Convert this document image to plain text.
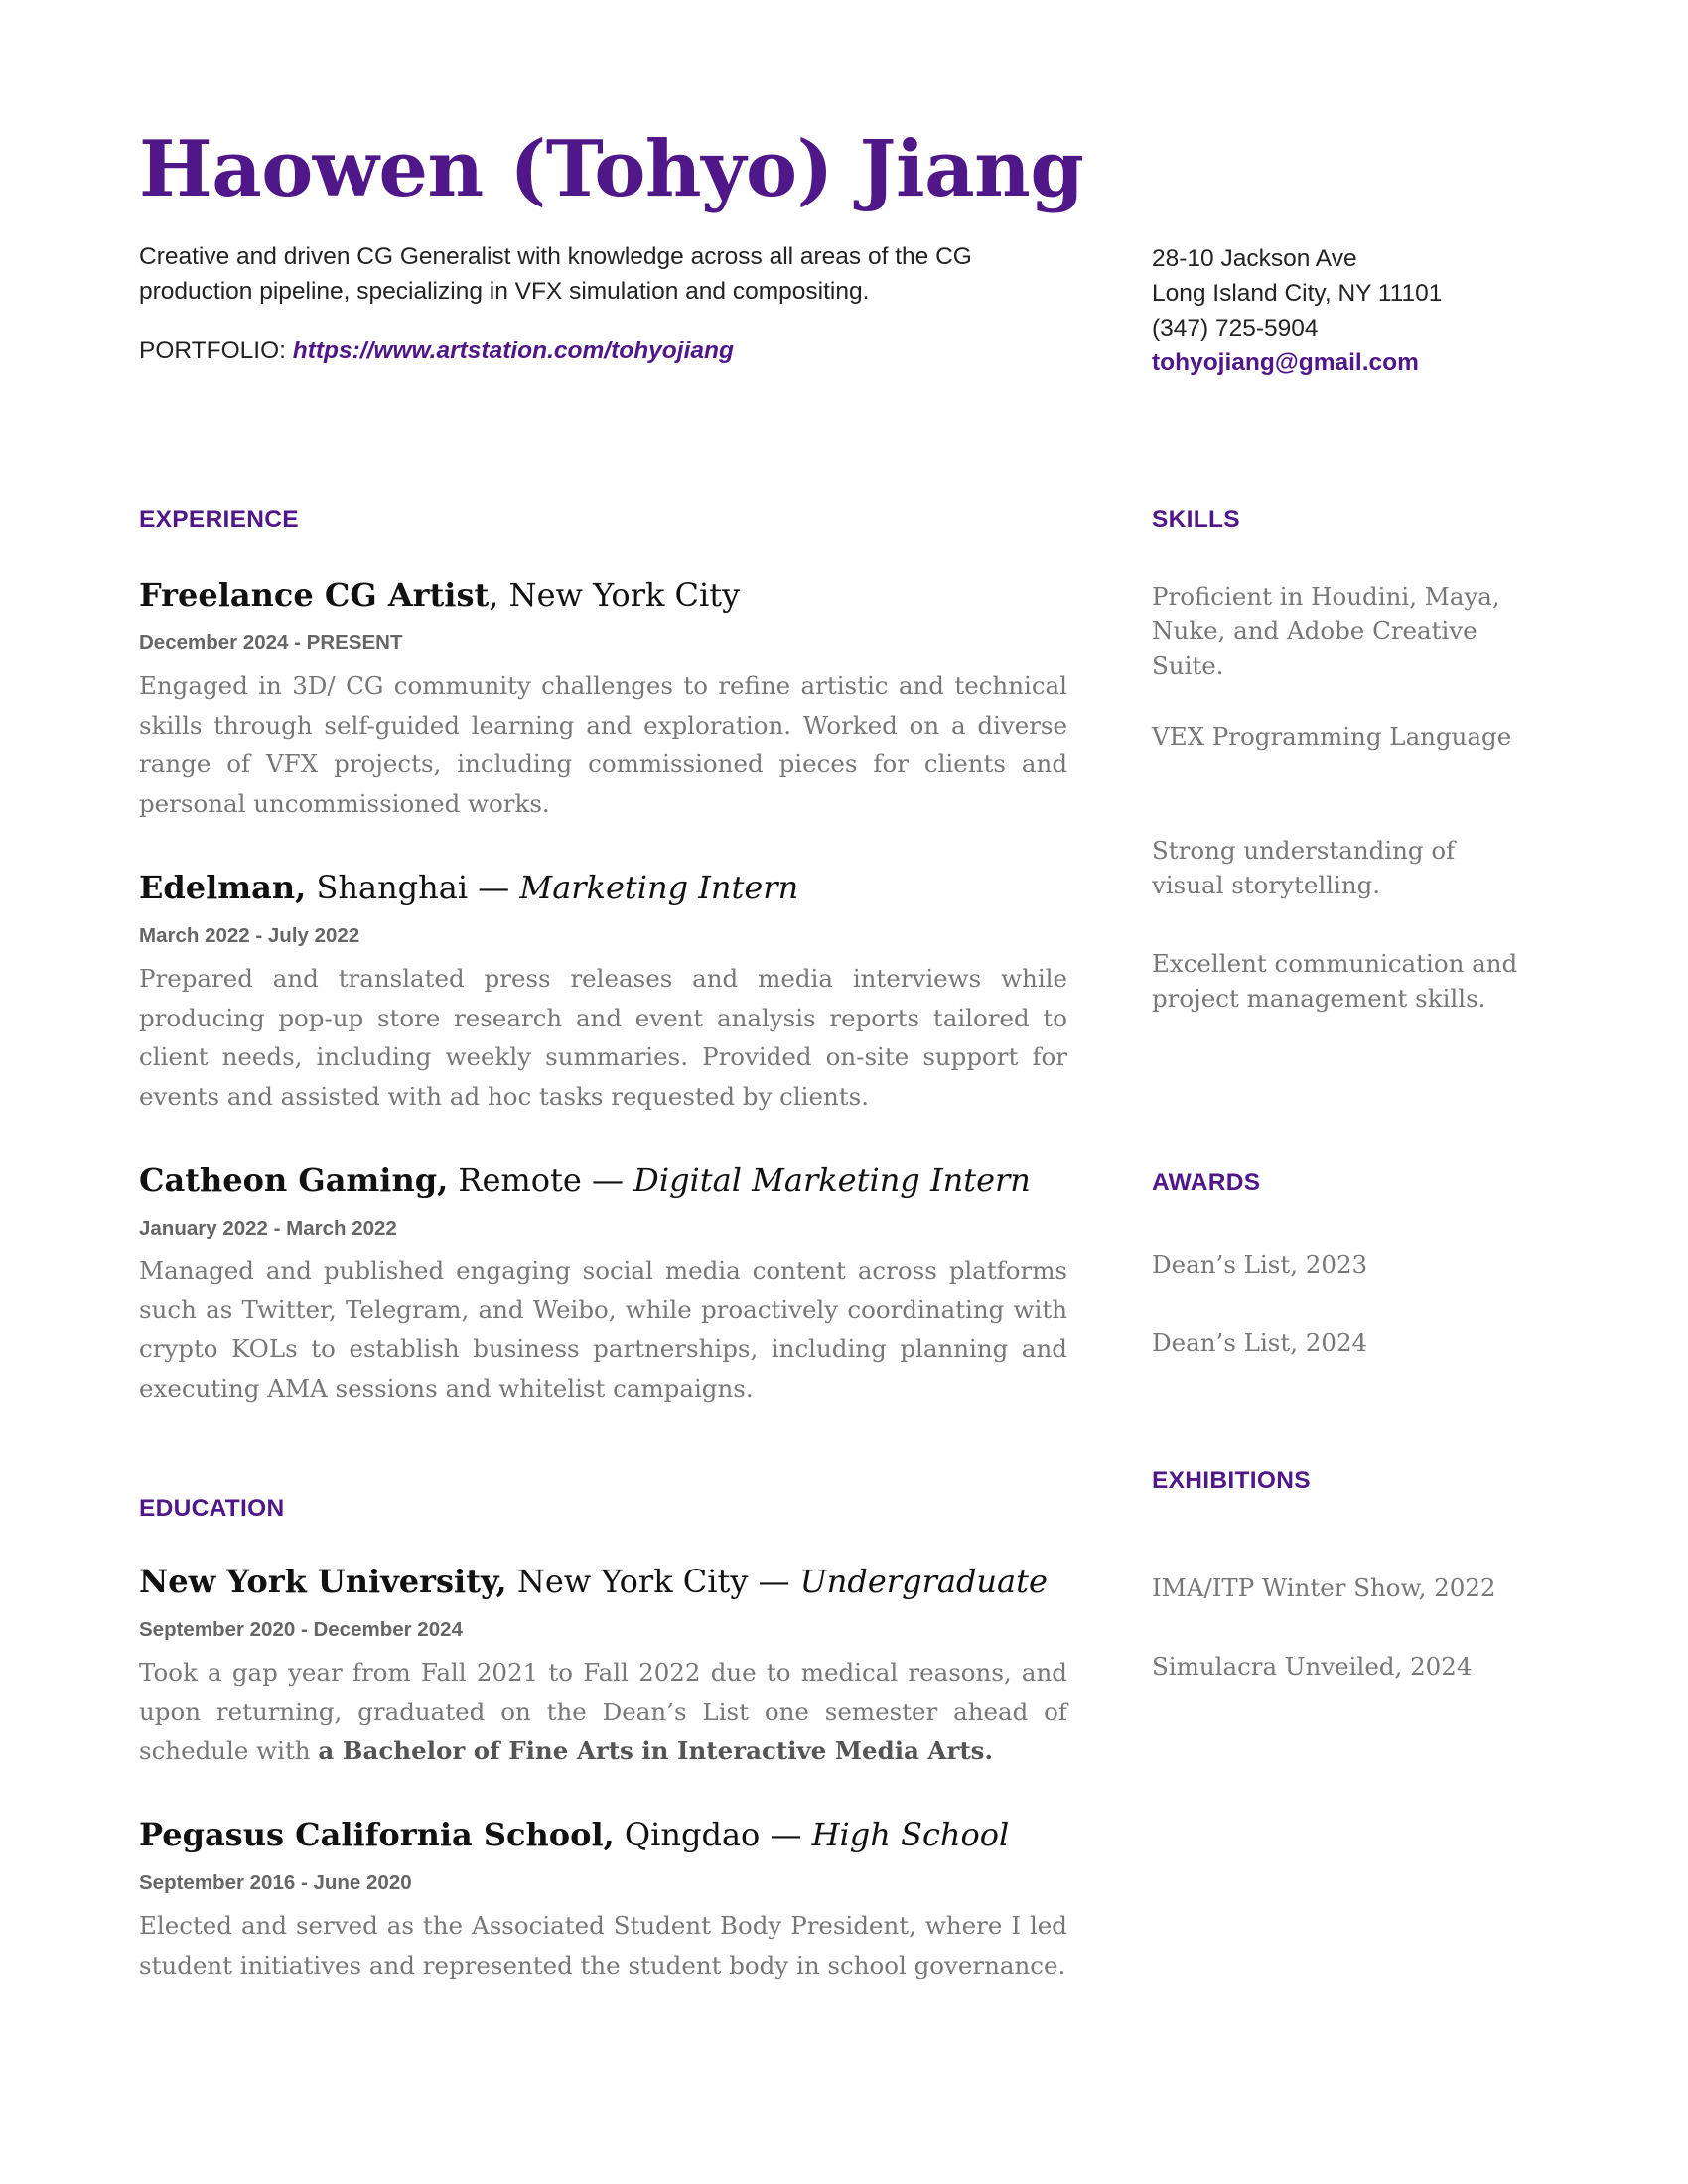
Haowen (Tohyo) Jiang
Creative and driven CG Generalist with knowledge across all areas of the CG production pipeline, specializing in VFX simulation and compositing.
PORTFOLIO: https://www.artstation.com/tohyojiang
28-10 Jackson Ave
Long Island City, NY 11101
(347) 725-5904
tohyojiang@gmail.com
EXPERIENCE
Freelance CG Artist, New York City
December 2024 - PRESENT
Engaged in 3D/ CG community challenges to refine artistic and technical skills through self-guided learning and exploration. Worked on a diverse range of VFX projects, including commissioned pieces for clients and personal uncommissioned works.
Edelman, Shanghai — Marketing Intern
March 2022 - July 2022
Prepared and translated press releases and media interviews while producing pop-up store research and event analysis reports tailored to client needs, including weekly summaries. Provided on-site support for events and assisted with ad hoc tasks requested by clients.
Catheon Gaming, Remote — Digital Marketing Intern
January 2022 - March 2022
Managed and published engaging social media content across platforms such as Twitter, Telegram, and Weibo, while proactively coordinating with crypto KOLs to establish business partnerships, including planning and executing AMA sessions and whitelist campaigns.
EDUCATION
New York University, New York City — Undergraduate
September 2020 - December 2024
Took a gap year from Fall 2021 to Fall 2022 due to medical reasons, and upon returning, graduated on the Dean’s List one semester ahead of schedule with a Bachelor of Fine Arts in Interactive Media Arts.
Pegasus California School, Qingdao — High School
September 2016 - June 2020
Elected and served as the Associated Student Body President, where I led student initiatives and represented the student body in school governance.
SKILLS
Proficient in Houdini, Maya, Nuke, and Adobe Creative Suite.
VEX Programming Language
Strong understanding of visual storytelling.
Excellent communication and project management skills.
AWARDS
Dean’s List, 2023
Dean’s List, 2024
EXHIBITIONS
IMA/ITP Winter Show, 2022
Simulacra Unveiled, 2024
